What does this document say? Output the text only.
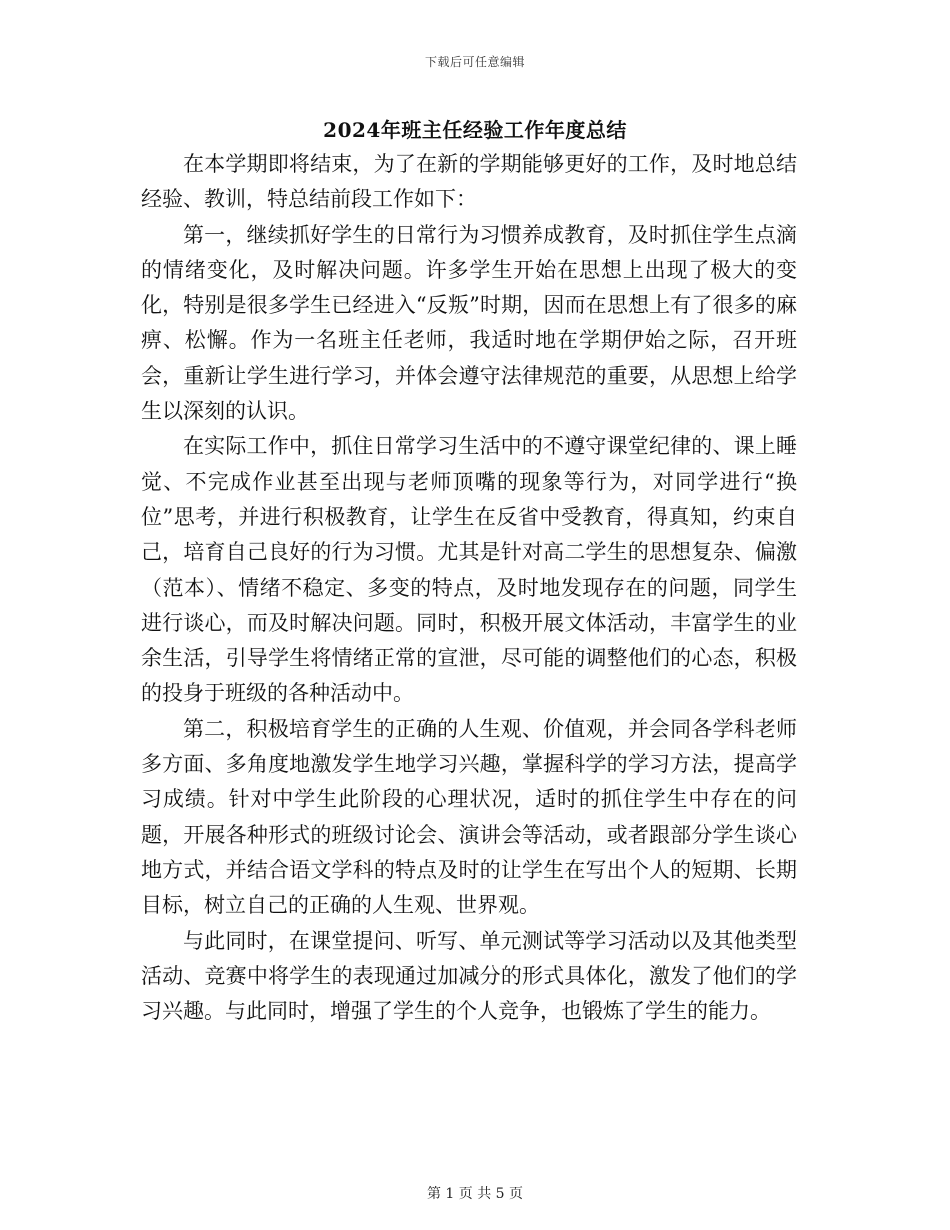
下载后可任意编辑
2024年班主任经验工作年度总结

在本学期即将结束，为了在新的学期能够更好的工作，及时地总结经验、教训，特总结前段工作如下：

第一，继续抓好学生的日常行为习惯养成教育，及时抓住学生点滴的情绪变化，及时解决问题。许多学生开始在思想上出现了极大的变化，特别是很多学生已经进入“反叛”时期，因而在思想上有了很多的麻痹、松懈。作为一名班主任老师，我适时地在学期伊始之际，召开班会，重新让学生进行学习，并体会遵守法律规范的重要，从思想上给学生以深刻的认识。

在实际工作中，抓住日常学习生活中的不遵守课堂纪律的、课上睡觉、不完成作业甚至出现与老师顶嘴的现象等行为，对同学进行“换位”思考，并进行积极教育，让学生在反省中受教育，得真知，约束自己，培育自己良好的行为习惯。尤其是针对高二学生的思想复杂、偏激（范本）、情绪不稳定、多变的特点，及时地发现存在的问题，同学生进行谈心，而及时解决问题。同时，积极开展文体活动，丰富学生的业余生活，引导学生将情绪正常的宣泄，尽可能的调整他们的心态，积极的投身于班级的各种活动中。

第二，积极培育学生的正确的人生观、价值观，并会同各学科老师多方面、多角度地激发学生地学习兴趣，掌握科学的学习方法，提高学习成绩。针对中学生此阶段的心理状况，适时的抓住学生中存在的问题，开展各种形式的班级讨论会、演讲会等活动，或者跟部分学生谈心地方式，并结合语文学科的特点及时的让学生在写出个人的短期、长期目标，树立自己的正确的人生观、世界观。

与此同时，在课堂提问、听写、单元测试等学习活动以及其他类型活动、竞赛中将学生的表现通过加减分的形式具体化，激发了他们的学习兴趣。与此同时，增强了学生的个人竞争，也锻炼了学生的能力。

第 1 页 共 5 页
